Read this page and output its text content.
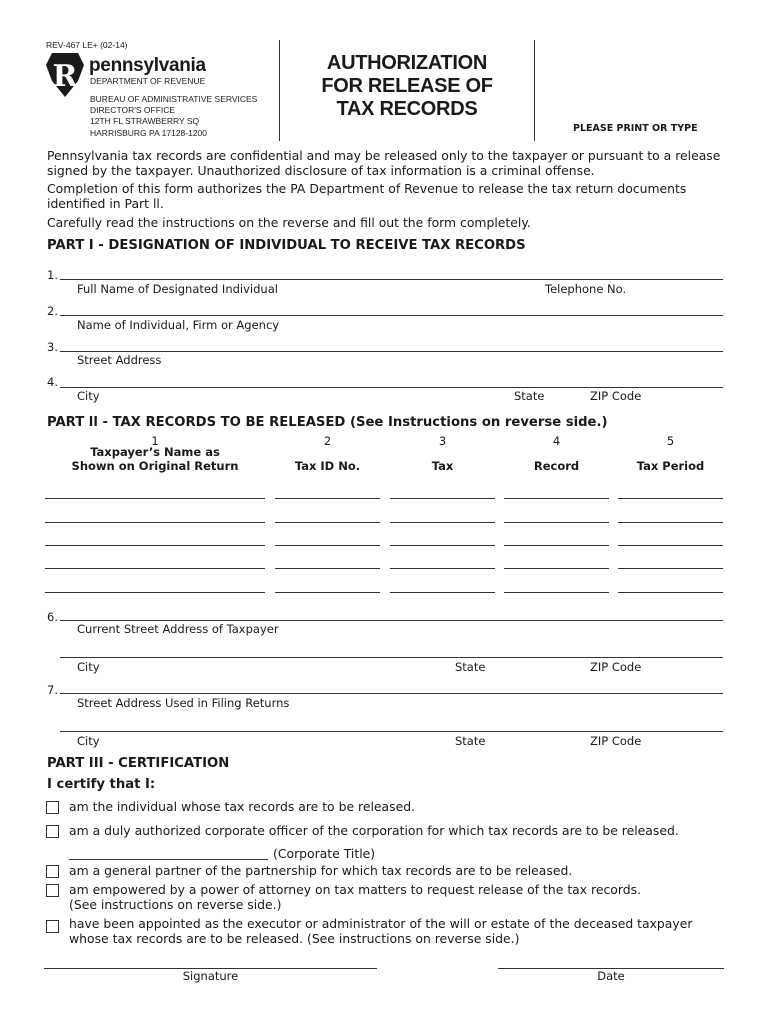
REV-467 LE+ (02-14)
R pennsylvania
DEPARTMENT OF REVENUE
BUREAU OF ADMINISTRATIVE SERVICES
DIRECTOR'S OFFICE
12TH FL STRAWBERRY SQ
HARRISBURG PA 17128-1200
AUTHORIZATION
FOR RELEASE OF
TAX RECORDS
PLEASE PRINT OR TYPE
Pennsylvania tax records are confidential and may be released only to the taxpayer or pursuant to a release signed by the taxpayer. Unauthorized disclosure of tax information is a criminal offense.
Completion of this form authorizes the PA Department of Revenue to release the tax return documents identified in Part ll.
Carefully read the instructions on the reverse and fill out the form completely.
PART I - DESIGNATION OF INDIVIDUAL TO RECEIVE TAX RECORDS
1.
Full Name of Designated Individual	Telephone No.
2.
Name of Individual, Firm or Agency
3.
Street Address
4.
City	State	ZIP Code
PART ll - TAX RECORDS TO BE RELEASED (See Instructions on reverse side.)
1	2	3	4	5
Taxpayer’s Name as
Shown on Original Return	Tax ID No.	Tax	Record	Tax Period
6.
Current Street Address of Taxpayer
City	State	ZIP Code
7.
Street Address Used in Filing Returns
City	State	ZIP Code
PART III - CERTIFICATION
I certify that I:
am the individual whose tax records are to be released.
am a duly authorized corporate officer of the corporation for which tax records are to be released.
(Corporate Title)
am a general partner of the partnership for which tax records are to be released.
am empowered by a power of attorney on tax matters to request release of the tax records.
(See instructions on reverse side.)
have been appointed as the executor or administrator of the will or estate of the deceased taxpayer
whose tax records are to be released. (See instructions on reverse side.)
Signature	Date
